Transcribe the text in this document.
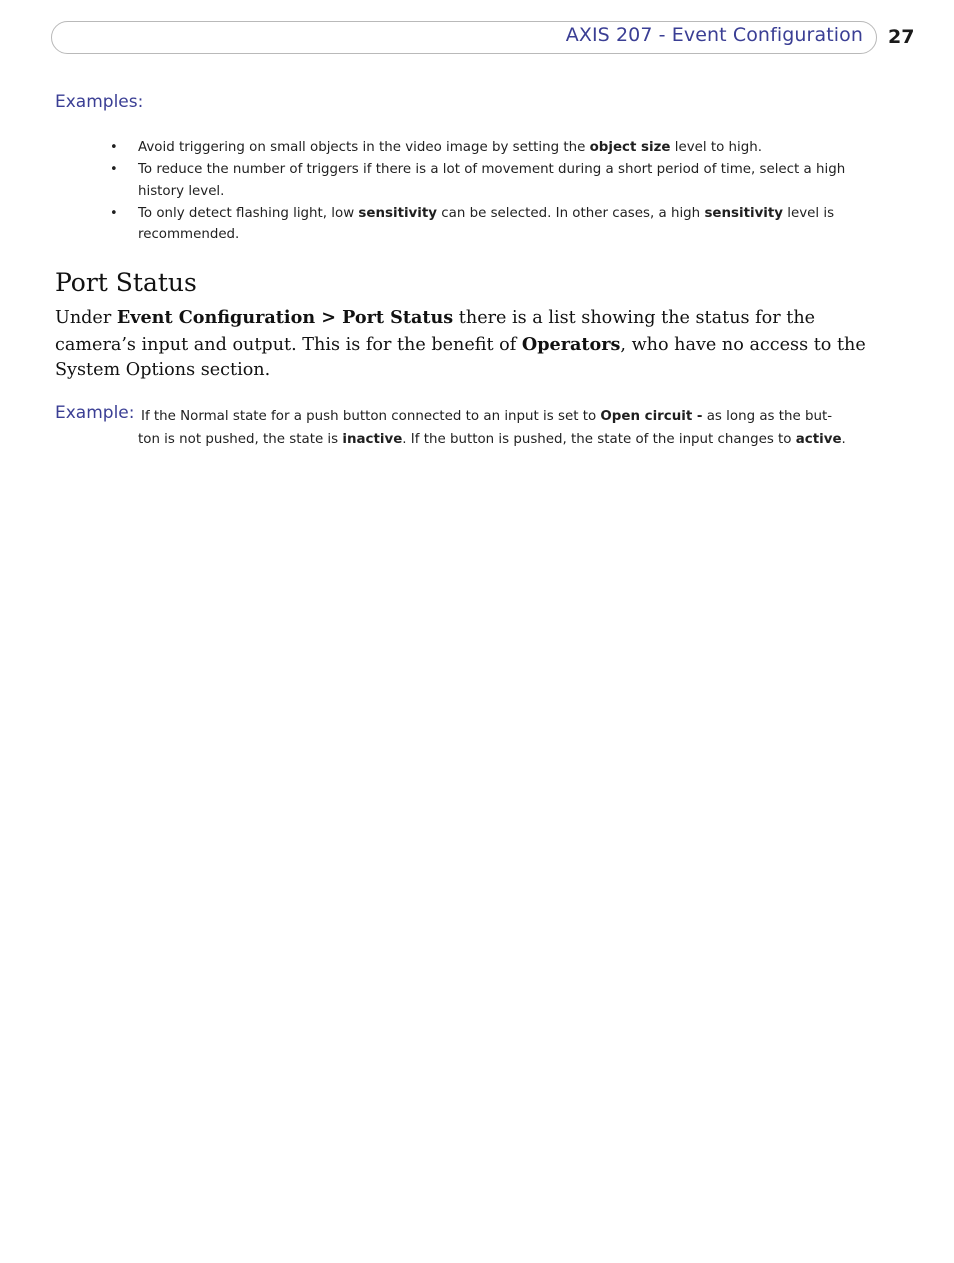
AXIS 207 - Event Configuration 27
Examples:
• Avoid triggering on small objects in the video image by setting the object size level to high.
• To reduce the number of triggers if there is a lot of movement during a short period of time, select a high history level.
• To only detect flashing light, low sensitivity can be selected. In other cases, a high sensitivity level is recommended.
Port Status

Under Event Configuration > Port Status there is a list showing the status for the camera’s input and output. This is for the benefit of Operators, who have no access to the System Options section.

Example: If the Normal state for a push button connected to an input is set to Open circuit - as long as the but-
ton is not pushed, the state is inactive. If the button is pushed, the state of the input changes to active.
